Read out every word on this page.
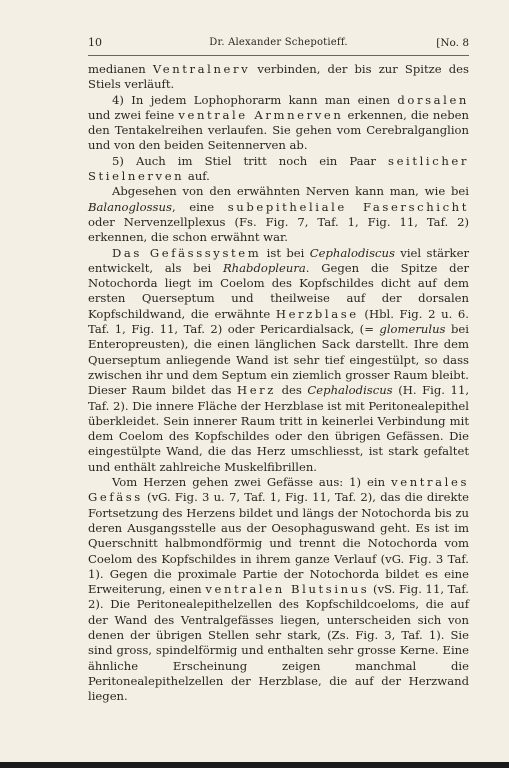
10	Dr. Alexander Schepotieff.	[No. 8

medianen Ventralnerv verbinden, der bis zur Spitze des Stiels verläuft.

4) In jedem Lophophorarm kann man einen dorsalen und zwei feine ventrale Armnerven erkennen, die neben den Tentakelreihen verlaufen. Sie gehen vom Cerebralganglion und von den beiden Seitennerven ab.

5) Auch im Stiel tritt noch ein Paar seitlicher Stielnerven auf.

Abgesehen von den erwähnten Nerven kann man, wie bei Balanoglossus, eine subepitheliale Faserschicht oder Nervenzellplexus (Fs. Fig. 7, Taf. 1, Fig. 11, Taf. 2) erkennen, die schon erwähnt war.

Das Gefässsystem ist bei Cephalodiscus viel stärker entwickelt, als bei Rhabdopleura. Gegen die Spitze der Notochorda liegt im Coelom des Kopfschildes dicht auf dem ersten Querseptum und theilweise auf der dorsalen Kopfschildwand, die erwähnte Herzblase (Hbl. Fig. 2 u. 6. Taf. 1, Fig. 11, Taf. 2) oder Pericardialsack, (= glomerulus bei Enteropreusten), die einen länglichen Sack darstellt. Ihre dem Querseptum anliegende Wand ist sehr tief eingestülpt, so dass zwischen ihr und dem Septum ein ziemlich grosser Raum bleibt. Dieser Raum bildet das Herz des Cephalodiscus (H. Fig. 11, Taf. 2). Die innere Fläche der Herzblase ist mit Peritonealepithel überkleidet. Sein innerer Raum tritt in keinerlei Verbindung mit dem Coelom des Kopfschildes oder den übrigen Gefässen. Die eingestülpte Wand, die das Herz umschliesst, ist stark gefaltet und enthält zahlreiche Muskelfibrillen.

Vom Herzen gehen zwei Gefässe aus: 1) ein ventrales Gefäss (vG. Fig. 3 u. 7, Taf. 1, Fig. 11, Taf. 2), das die direkte Fortsetzung des Herzens bildet und längs der Notochorda bis zu deren Ausgangsstelle aus der Oesophaguswand geht. Es ist im Querschnitt halbmondförmig und trennt die Notochorda vom Coelom des Kopfschildes in ihrem ganze Verlauf (vG. Fig. 3 Taf. 1). Gegen die proximale Partie der Notochorda bildet es eine Erweiterung, einen ventralen Blutsinus (vS. Fig. 11, Taf. 2). Die Peritonealepithelzellen des Kopfschildcoeloms, die auf der Wand des Ventralgefässes liegen, unterscheiden sich von denen der übrigen Stellen sehr stark, (Zs. Fig. 3, Taf. 1). Sie sind gross, spindelförmig und enthalten sehr grosse Kerne. Eine ähnliche Erscheinung zeigen manchmal die Peritonealepithelzellen der Herzblase, die auf der Herzwand liegen.
